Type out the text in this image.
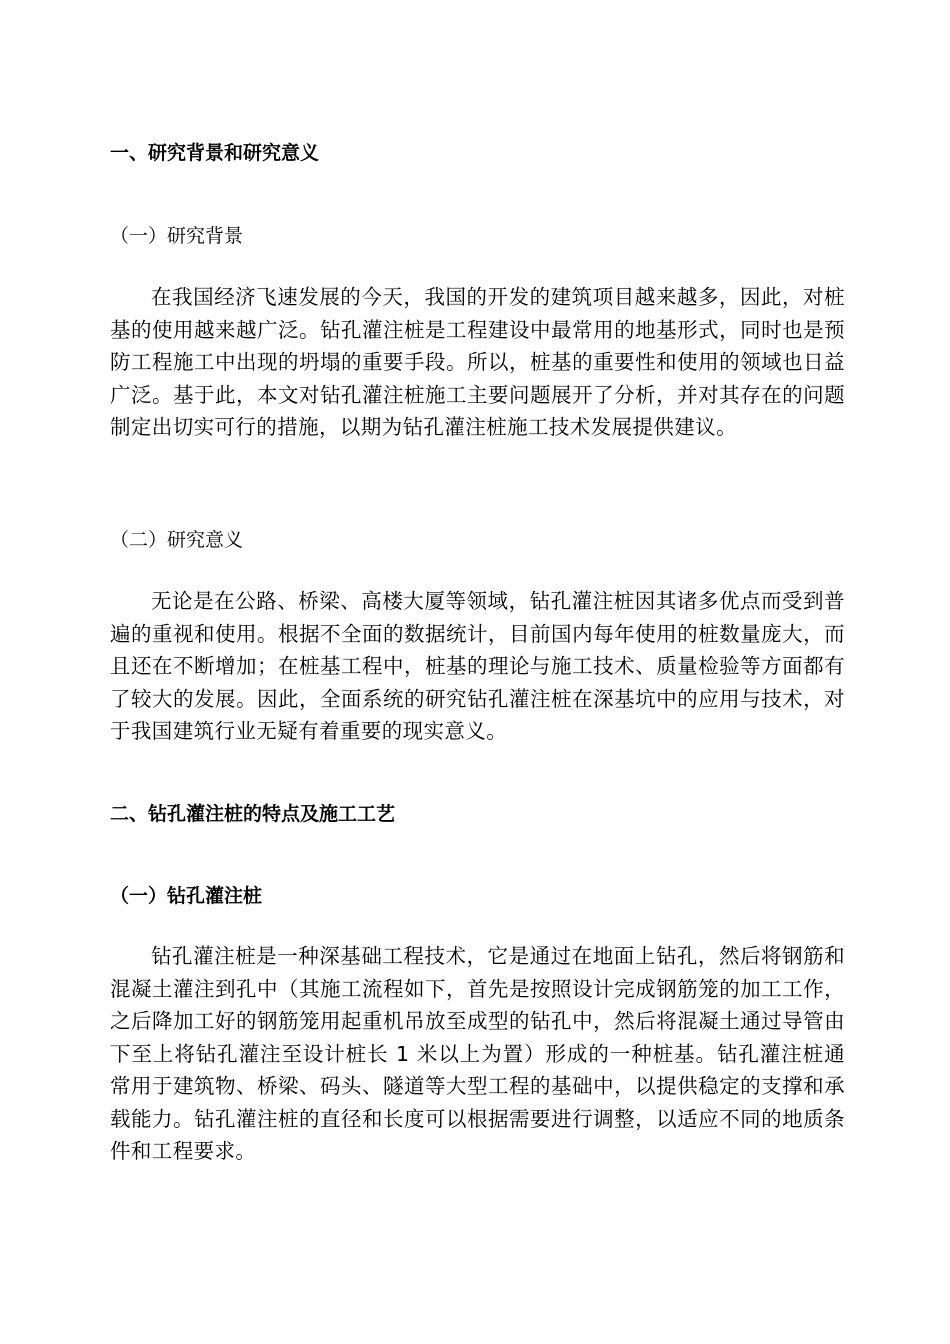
一、研究背景和研究意义
（一）研究背景

在我国经济飞速发展的今天，我国的开发的建筑项目越来越多，因此，对桩基的使用越来越广泛。钻孔灌注桩是工程建设中最常用的地基形式，同时也是预防工程施工中出现的坍塌的重要手段。所以，桩基的重要性和使用的领域也日益广泛。基于此，本文对钻孔灌注桩施工主要问题展开了分析，并对其存在的问题制定出切实可行的措施，以期为钻孔灌注桩施工技术发展提供建议。

（二）研究意义

无论是在公路、桥梁、高楼大厦等领域，钻孔灌注桩因其诸多优点而受到普遍的重视和使用。根据不全面的数据统计，目前国内每年使用的桩数量庞大，而且还在不断增加；在桩基工程中，桩基的理论与施工技术、质量检验等方面都有了较大的发展。因此，全面系统的研究钻孔灌注桩在深基坑中的应用与技术，对于我国建筑行业无疑有着重要的现实意义。

二、钻孔灌注桩的特点及施工工艺
（一）钻孔灌注桩

钻孔灌注桩是一种深基础工程技术，它是通过在地面上钻孔，然后将钢筋和混凝土灌注到孔中（其施工流程如下，首先是按照设计完成钢筋笼的加工工作，之后降加工好的钢筋笼用起重机吊放至成型的钻孔中，然后将混凝土通过导管由下至上将钻孔灌注至设计桩长 1 米以上为置）形成的一种桩基。钻孔灌注桩通常用于建筑物、桥梁、码头、隧道等大型工程的基础中，以提供稳定的支撑和承载能力。钻孔灌注桩的直径和长度可以根据需要进行调整，以适应不同的地质条件和工程要求。
